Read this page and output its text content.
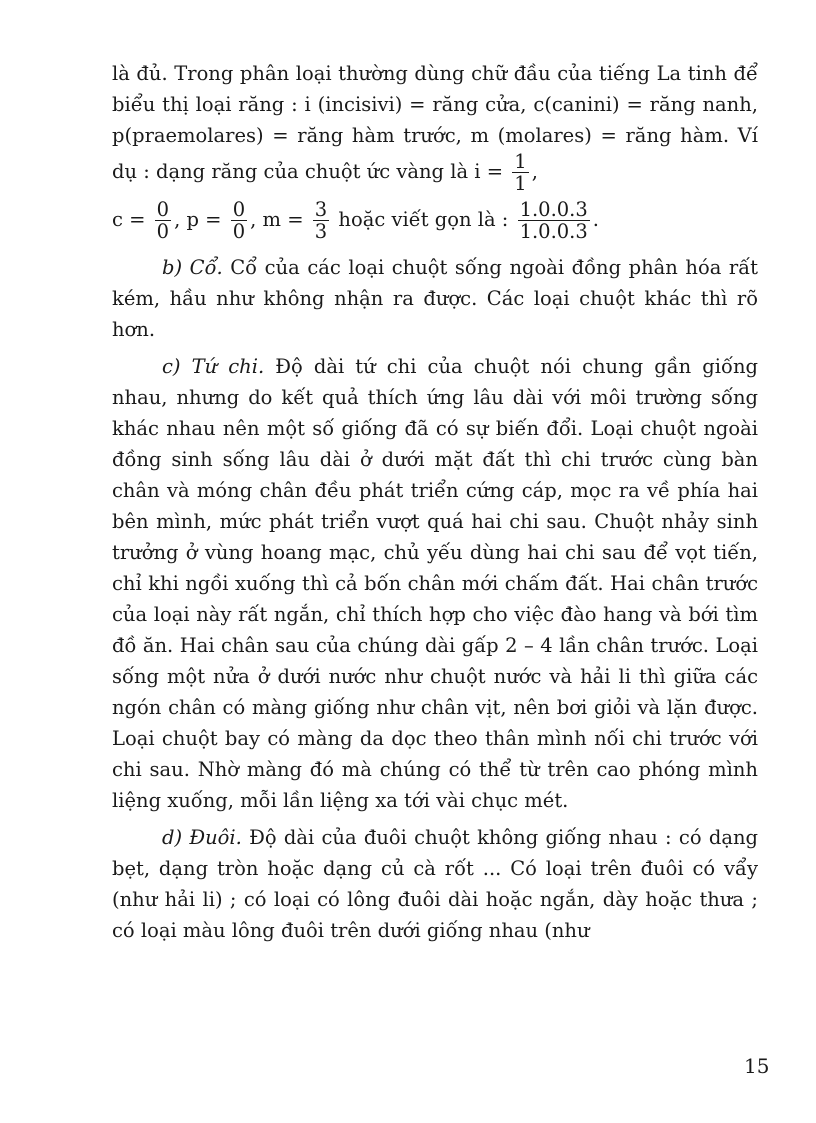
là đủ. Trong phân loại thường dùng chữ đầu của tiếng La tinh để biểu thị loại răng : i (incisivi) = răng cửa, c(canini) = răng nanh, p(praemolares) = răng hàm trước, m (molares) = răng hàm. Ví dụ : dạng răng của chuột ức vàng là $i = \frac{1}{1}$ ,

$c = \frac{0}{0}$ , $p = \frac{0}{0}$ , $m = \frac{3}{3}$ hoặc viết gọn là : $\frac{1.0.0.3}{1.0.0.3}$ .

b) Cổ. Cổ của các loại chuột sống ngoài đồng phân hóa rất kém, hầu như không nhận ra được. Các loại chuột khác thì rõ hơn.

c) Tứ chi. Độ dài tứ chi của chuột nói chung gần giống nhau, nhưng do kết quả thích ứng lâu dài với môi trường sống khác nhau nên một số giống đã có sự biến đổi. Loại chuột ngoài đồng sinh sống lâu dài ở dưới mặt đất thì chi trước cùng bàn chân và móng chân đều phát triển cứng cáp, mọc ra về phía hai bên mình, mức phát triển vượt quá hai chi sau. Chuột nhảy sinh trưởng ở vùng hoang mạc, chủ yếu dùng hai chi sau để vọt tiến, chỉ khi ngồi xuống thì cả bốn chân mới chấm đất. Hai chân trước của loại này rất ngắn, chỉ thích hợp cho việc đào hang và bới tìm đồ ăn. Hai chân sau của chúng dài gấp 2 – 4 lần chân trước. Loại sống một nửa ở dưới nước như chuột nước và hải li thì giữa các ngón chân có màng giống như chân vịt, nên bơi giỏi và lặn được. Loại chuột bay có màng da dọc theo thân mình nối chi trước với chi sau. Nhờ màng đó mà chúng có thể từ trên cao phóng mình liệng xuống, mỗi lần liệng xa tới vài chục mét.

d) Đuôi. Độ dài của đuôi chuột không giống nhau : có dạng bẹt, dạng tròn hoặc dạng củ cà rốt ... Có loại trên đuôi có vẩy (như hải li) ; có loại có lông đuôi dài hoặc ngắn, dày hoặc thưa ; có loại màu lông đuôi trên dưới giống nhau (như

15
